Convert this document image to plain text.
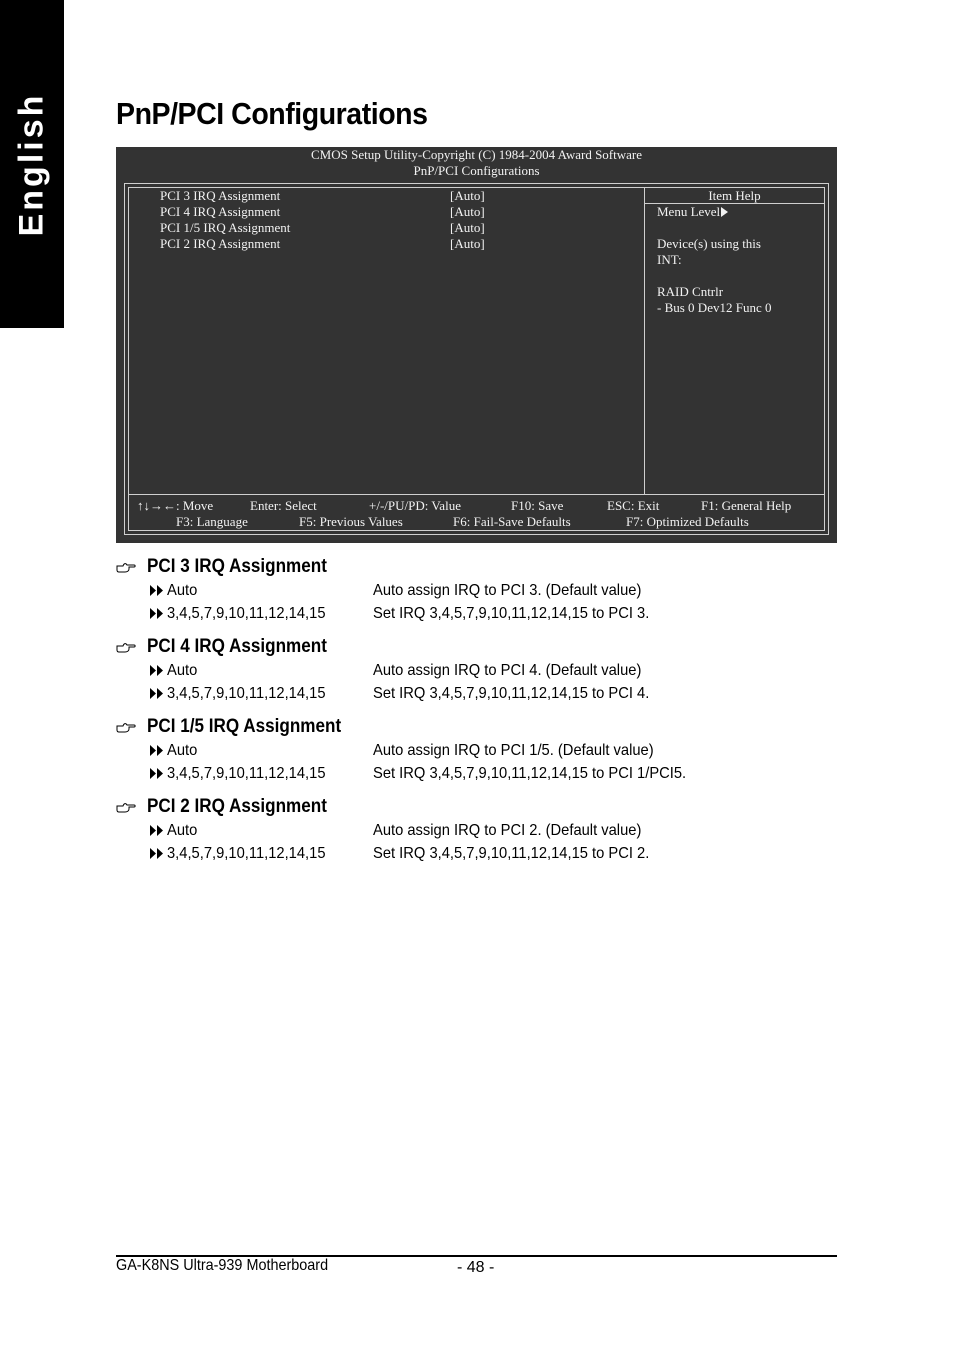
English PnP/PCI Configurations
CMOS Setup Utility-Copyright (C) 1984-2004 Award Software
PnP/PCI Configurations
PCI 3 IRQ Assignment	[Auto]
PCI 4 IRQ Assignment	[Auto]
PCI 1/5 IRQ Assignment	[Auto]
PCI 2 IRQ Assignment	[Auto]
Item Help
Menu Level
Device(s) using this
INT:
RAID Cntrlr
- Bus 0 Dev12 Func 0
↑↓→←: Move	Enter: Select	+/-/PU/PD: Value	F10: Save	ESC: Exit	F1: General Help
F3: Language	F5: Previous Values	F6: Fail-Save Defaults	F7: Optimized Defaults
PCI 3 IRQ Assignment
Auto	Auto assign IRQ to PCI 3. (Default value)
3,4,5,7,9,10,11,12,14,15	Set IRQ 3,4,5,7,9,10,11,12,14,15 to PCI 3.
PCI 4 IRQ Assignment
Auto	Auto assign IRQ to PCI 4. (Default value)
3,4,5,7,9,10,11,12,14,15	Set IRQ 3,4,5,7,9,10,11,12,14,15 to PCI 4.
PCI 1/5 IRQ Assignment
Auto	Auto assign IRQ to PCI 1/5. (Default value)
3,4,5,7,9,10,11,12,14,15	Set IRQ 3,4,5,7,9,10,11,12,14,15 to PCI 1/PCI5.
PCI 2 IRQ Assignment
Auto	Auto assign IRQ to PCI 2. (Default value)
3,4,5,7,9,10,11,12,14,15	Set IRQ 3,4,5,7,9,10,11,12,14,15 to PCI 2.
GA-K8NS Ultra-939 Motherboard	- 48 -
